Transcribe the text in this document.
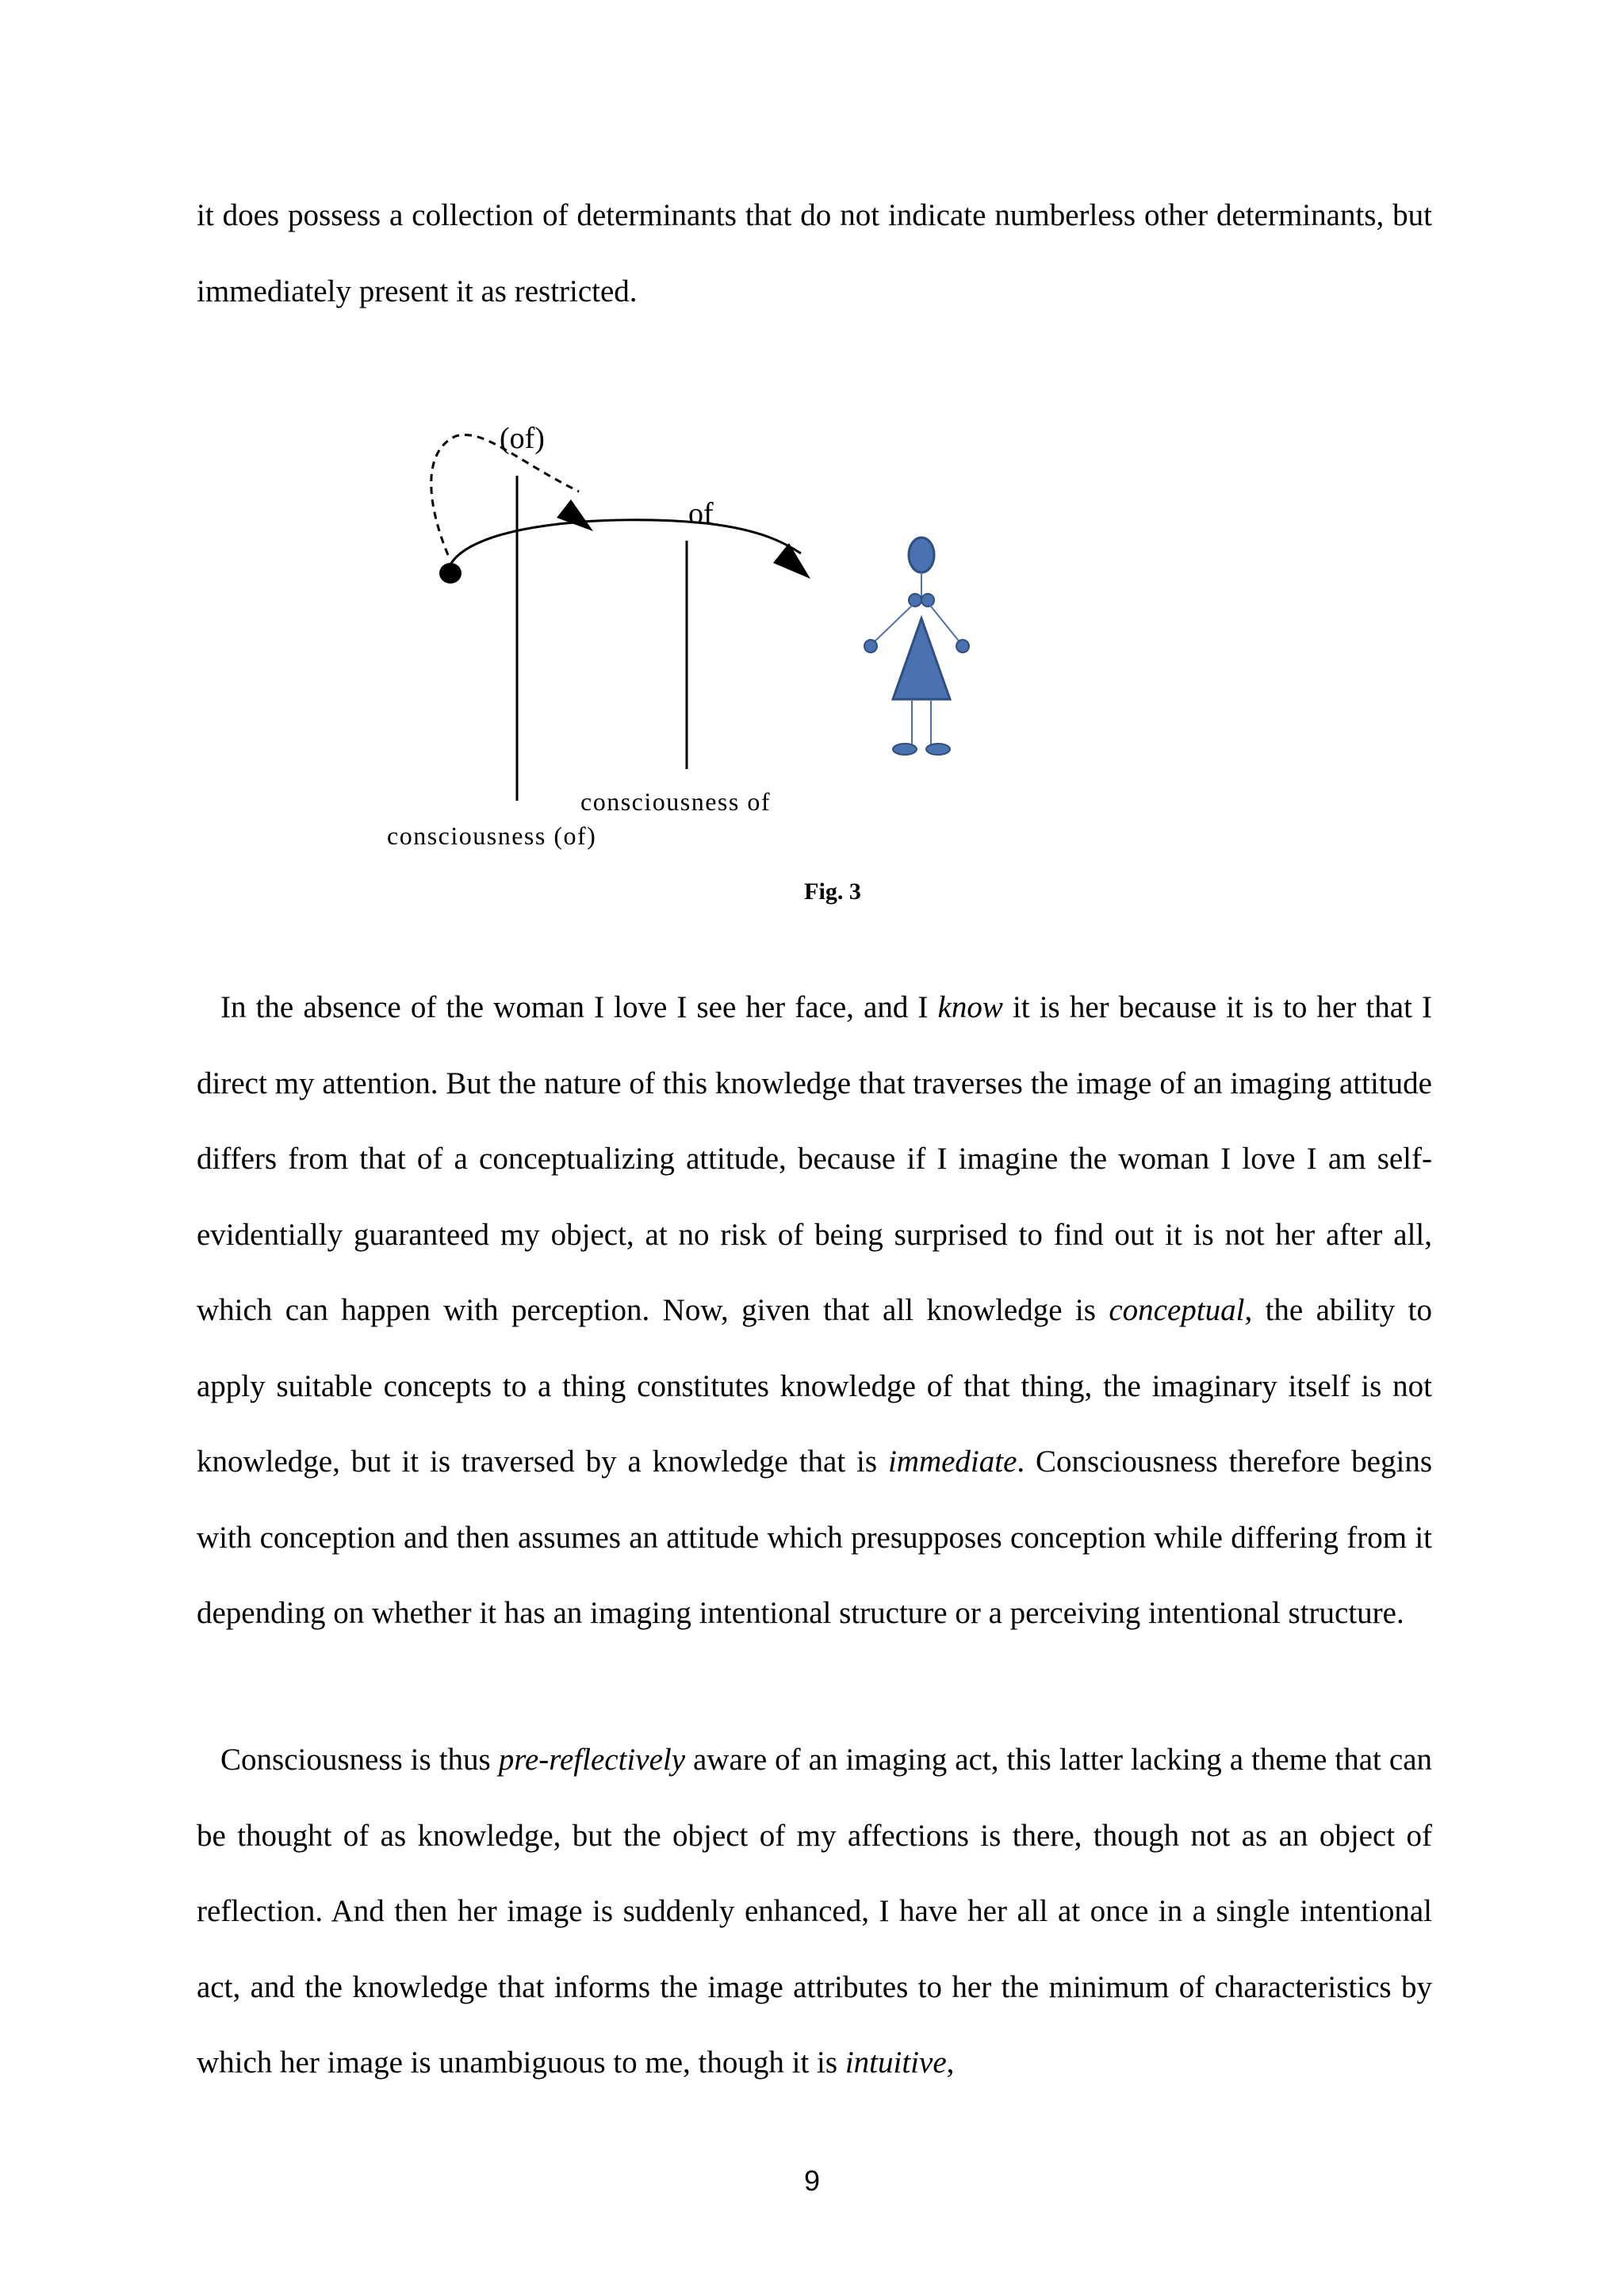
it does possess a collection of determinants that do not indicate numberless other determinants, but immediately present it as restricted.

(of)
of
consciousness of
consciousness (of)
Fig. 3

In the absence of the woman I love I see her face, and I know it is her because it is to her that I direct my attention. But the nature of this knowledge that traverses the image of an imaging attitude differs from that of a conceptualizing attitude, because if I imagine the woman I love I am self-evidentially guaranteed my object, at no risk of being surprised to find out it is not her after all, which can happen with perception. Now, given that all knowledge is conceptual, the ability to apply suitable concepts to a thing constitutes knowledge of that thing, the imaginary itself is not knowledge, but it is traversed by a knowledge that is immediate. Consciousness therefore begins with conception and then assumes an attitude which presupposes conception while differing from it depending on whether it has an imaging intentional structure or a perceiving intentional structure.

Consciousness is thus pre-reflectively aware of an imaging act, this latter lacking a theme that can be thought of as knowledge, but the object of my affections is there, though not as an object of reflection. And then her image is suddenly enhanced, I have her all at once in a single intentional act, and the knowledge that informs the image attributes to her the minimum of characteristics by which her image is unambiguous to me, though it is intuitive,

9
